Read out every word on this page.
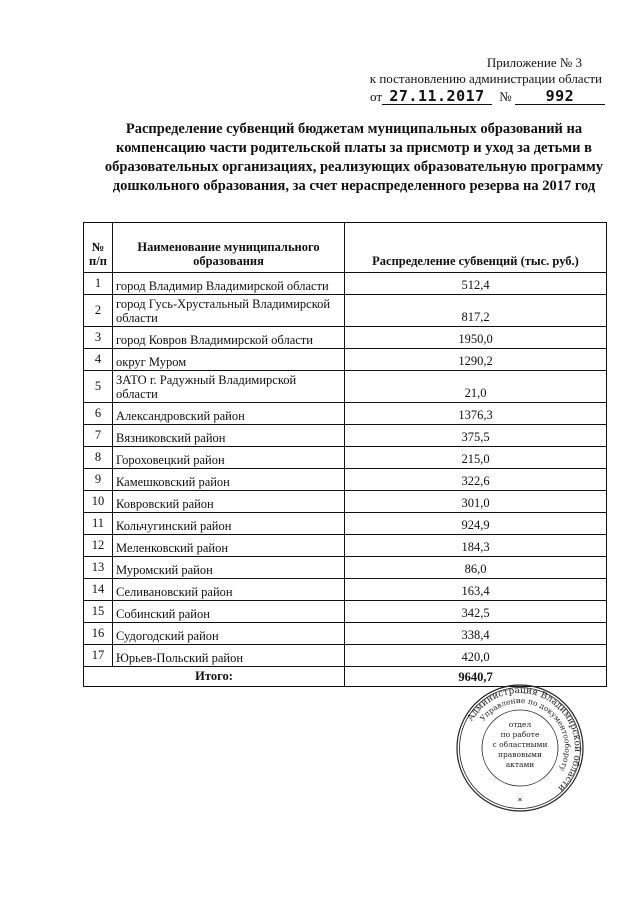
Приложение № 3
к постановлению администрации области
от 27.11.2017 № 992
Распределение субвенций бюджетам муниципальных образований на компенсацию части родительской платы за присмотр и уход за детьми в образовательных организациях, реализующих образовательную программу дошкольного образования, за счет нераспределенного резерва на 2017 год
№ п/п	Наименование муниципального образования	Распределение субвенций (тыс. руб.)
1	город Владимир Владимирской области	512,4
2	город Гусь-Хрустальный Владимирской области	817,2
3	город Ковров Владимирской области	1950,0
4	округ Муром	1290,2
5	ЗАТО г. Радужный Владимирской области	21,0
6	Александровский район	1376,3
7	Вязниковский район	375,5
8	Гороховецкий район	215,0
9	Камешковский район	322,6
10	Ковровский район	301,0
11	Кольчугинский район	924,9
12	Меленковский район	184,3
13	Муромский район	86,0
14	Селивановский район	163,4
15	Собинский район	342,5
16	Судогодский район	338,4
17	Юрьев-Польский район	420,0
Итого:		9640,7
Администрация Владимирской области
Управление по документообороту
отдел
по работе
с областными
правовыми
актами
*
